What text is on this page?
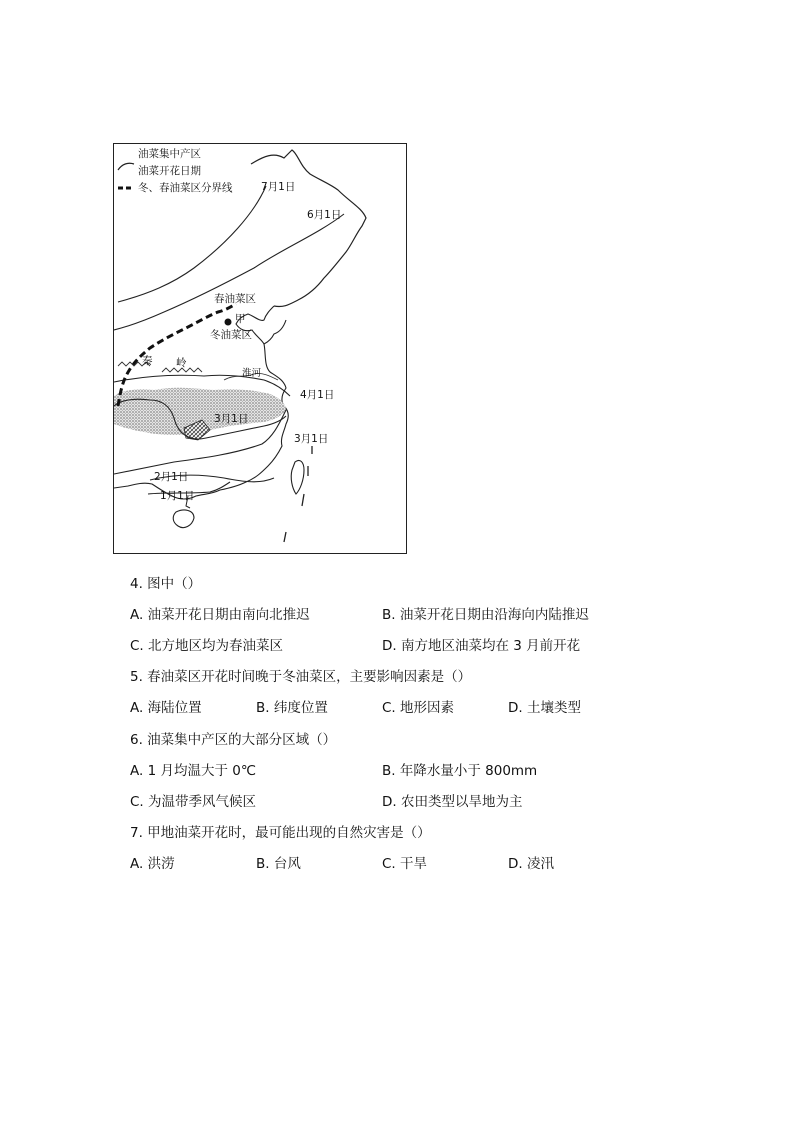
油菜集中产区
油菜开花日期
冬、春油菜区分界线	7月1日
6月1日
春油菜区
甲
冬油菜区
秦 岭
淮河
4月1日
3月1日
3月1日
2月1日
1月1日
4. 图中（）
A. 油菜开花日期由南向北推迟	B. 油菜开花日期由沿海向内陆推迟
C. 北方地区均为春油菜区	D. 南方地区油菜均在 3 月前开花
5. 春油菜区开花时间晚于冬油菜区，主要影响因素是（）
A. 海陆位置	B. 纬度位置	C. 地形因素	D. 土壤类型
6. 油菜集中产区的大部分区域（）
A. 1 月均温大于 0℃	B. 年降水量小于 800mm
C. 为温带季风气候区	D. 农田类型以旱地为主
7. 甲地油菜开花时，最可能出现的自然灾害是（）
A. 洪涝	B. 台风	C. 干旱	D. 凌汛
